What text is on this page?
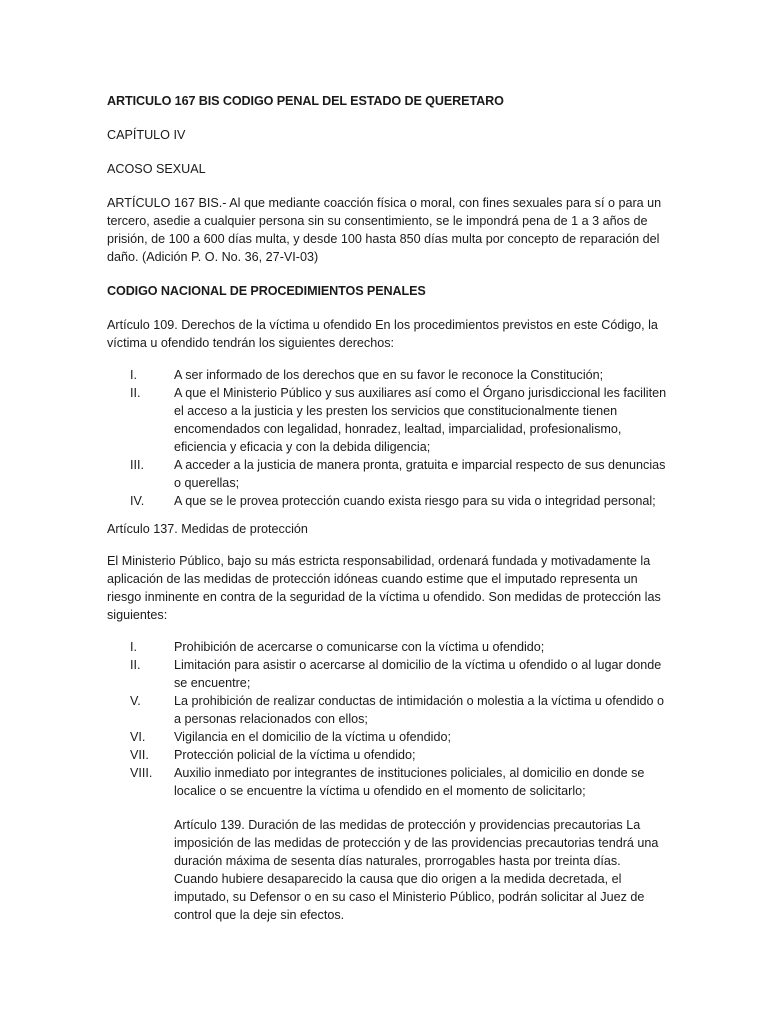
ARTICULO 167 BIS CODIGO PENAL DEL ESTADO DE QUERETARO

CAPÍTULO IV

ACOSO SEXUAL

ARTÍCULO 167 BIS.- Al que mediante coacción física o moral, con fines sexuales para sí o para un tercero, asedie a cualquier persona sin su consentimiento, se le impondrá pena de 1 a 3 años de prisión, de 100 a 600 días multa, y desde 100 hasta 850 días multa por concepto de reparación del daño. (Adición P. O. No. 36, 27-VI-03)

CODIGO NACIONAL DE PROCEDIMIENTOS PENALES

Artículo 109. Derechos de la víctima u ofendido En los procedimientos previstos en este Código, la víctima u ofendido tendrán los siguientes derechos:

I.	A ser informado de los derechos que en su favor le reconoce la Constitución;
II.	A que el Ministerio Público y sus auxiliares así como el Órgano jurisdiccional les faciliten el acceso a la justicia y les presten los servicios que constitucionalmente tienen encomendados con legalidad, honradez, lealtad, imparcialidad, profesionalismo, eficiencia y eficacia y con la debida diligencia;
III.	A acceder a la justicia de manera pronta, gratuita e imparcial respecto de sus denuncias o querellas;
IV.	A que se le provea protección cuando exista riesgo para su vida o integridad personal;

Artículo 137. Medidas de protección

El Ministerio Público, bajo su más estricta responsabilidad, ordenará fundada y motivadamente la aplicación de las medidas de protección idóneas cuando estime que el imputado representa un riesgo inminente en contra de la seguridad de la víctima u ofendido. Son medidas de protección las siguientes:

I.	Prohibición de acercarse o comunicarse con la víctima u ofendido;
II.	Limitación para asistir o acercarse al domicilio de la víctima u ofendido o al lugar donde se encuentre;
V.	La prohibición de realizar conductas de intimidación o molestia a la víctima u ofendido o a personas relacionados con ellos;
VI.	Vigilancia en el domicilio de la víctima u ofendido;
VII.	Protección policial de la víctima u ofendido;
VIII.	Auxilio inmediato por integrantes de instituciones policiales, al domicilio en donde se localice o se encuentre la víctima u ofendido en el momento de solicitarlo;

Artículo 139. Duración de las medidas de protección y providencias precautorias La imposición de las medidas de protección y de las providencias precautorias tendrá una duración máxima de sesenta días naturales, prorrogables hasta por treinta días. Cuando hubiere desaparecido la causa que dio origen a la medida decretada, el imputado, su Defensor o en su caso el Ministerio Público, podrán solicitar al Juez de control que la deje sin efectos.
